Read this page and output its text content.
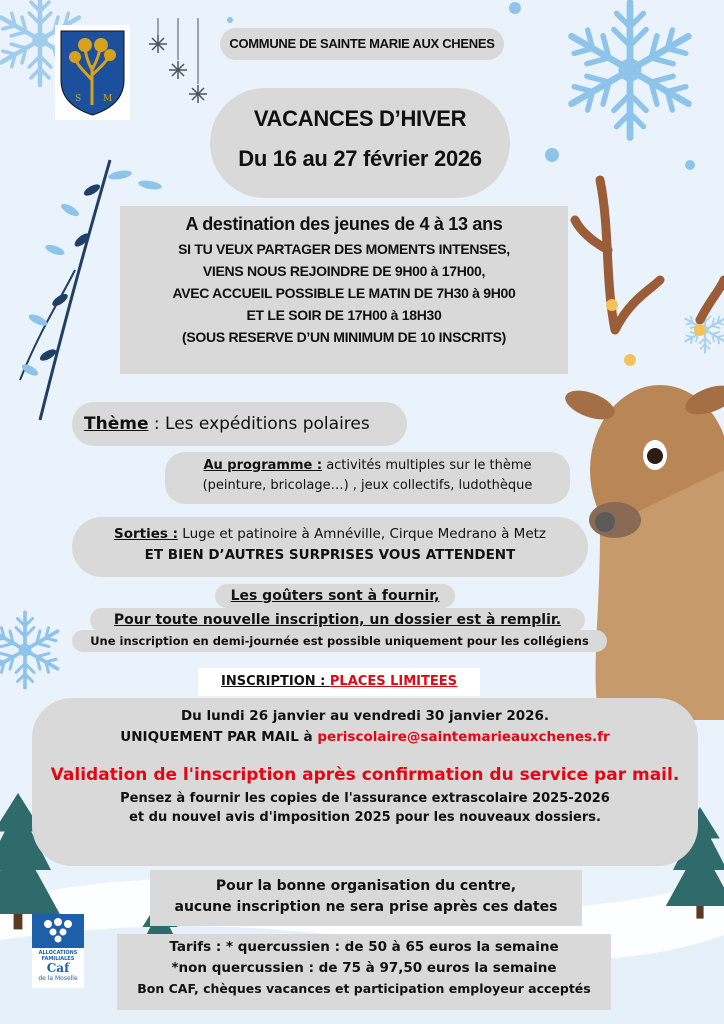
S M
COMMUNE DE SAINTE MARIE AUX CHENES
VACANCES D’HIVER
Du 16 au 27 février 2026
A destination des jeunes de 4 à 13 ans
SI TU VEUX PARTAGER DES MOMENTS INTENSES,
VIENS NOUS REJOINDRE DE 9H00 à 17H00,
AVEC ACCUEIL POSSIBLE LE MATIN DE 7H30 à 9H00
ET LE SOIR DE 17H00 à 18H30
(SOUS RESERVE D’UN MINIMUM DE 10 INSCRITS)
Thème : Les expéditions polaires
Au programme : activités multiples sur le thème
(peinture, bricolage…) , jeux collectifs, ludothèque
Sorties : Luge et patinoire à Amnéville, Cirque Medrano à Metz
ET BIEN D’AUTRES SURPRISES VOUS ATTENDENT
Les goûters sont à fournir,
Pour toute nouvelle inscription, un dossier est à remplir.
Une inscription en demi-journée est possible uniquement pour les collégiens
INSCRIPTION : PLACES LIMITEES
Du lundi 26 janvier au vendredi 30 janvier 2026.
UNIQUEMENT PAR MAIL à periscolaire@saintemarieauxchenes.fr
Validation de l'inscription après confirmation du service par mail.
Pensez à fournir les copies de l'assurance extrascolaire 2025-2026
et du nouvel avis d'imposition 2025 pour les nouveaux dossiers.
Pour la bonne organisation du centre,
aucune inscription ne sera prise après ces dates
Tarifs : * quercussien : de 50 à 65 euros la semaine
*non quercussien : de 75 à 97,50 euros la semaine
Bon CAF, chèques vacances et participation employeur acceptés
ALLOCATIONS FAMILIALES
Caf
de la Moselle
